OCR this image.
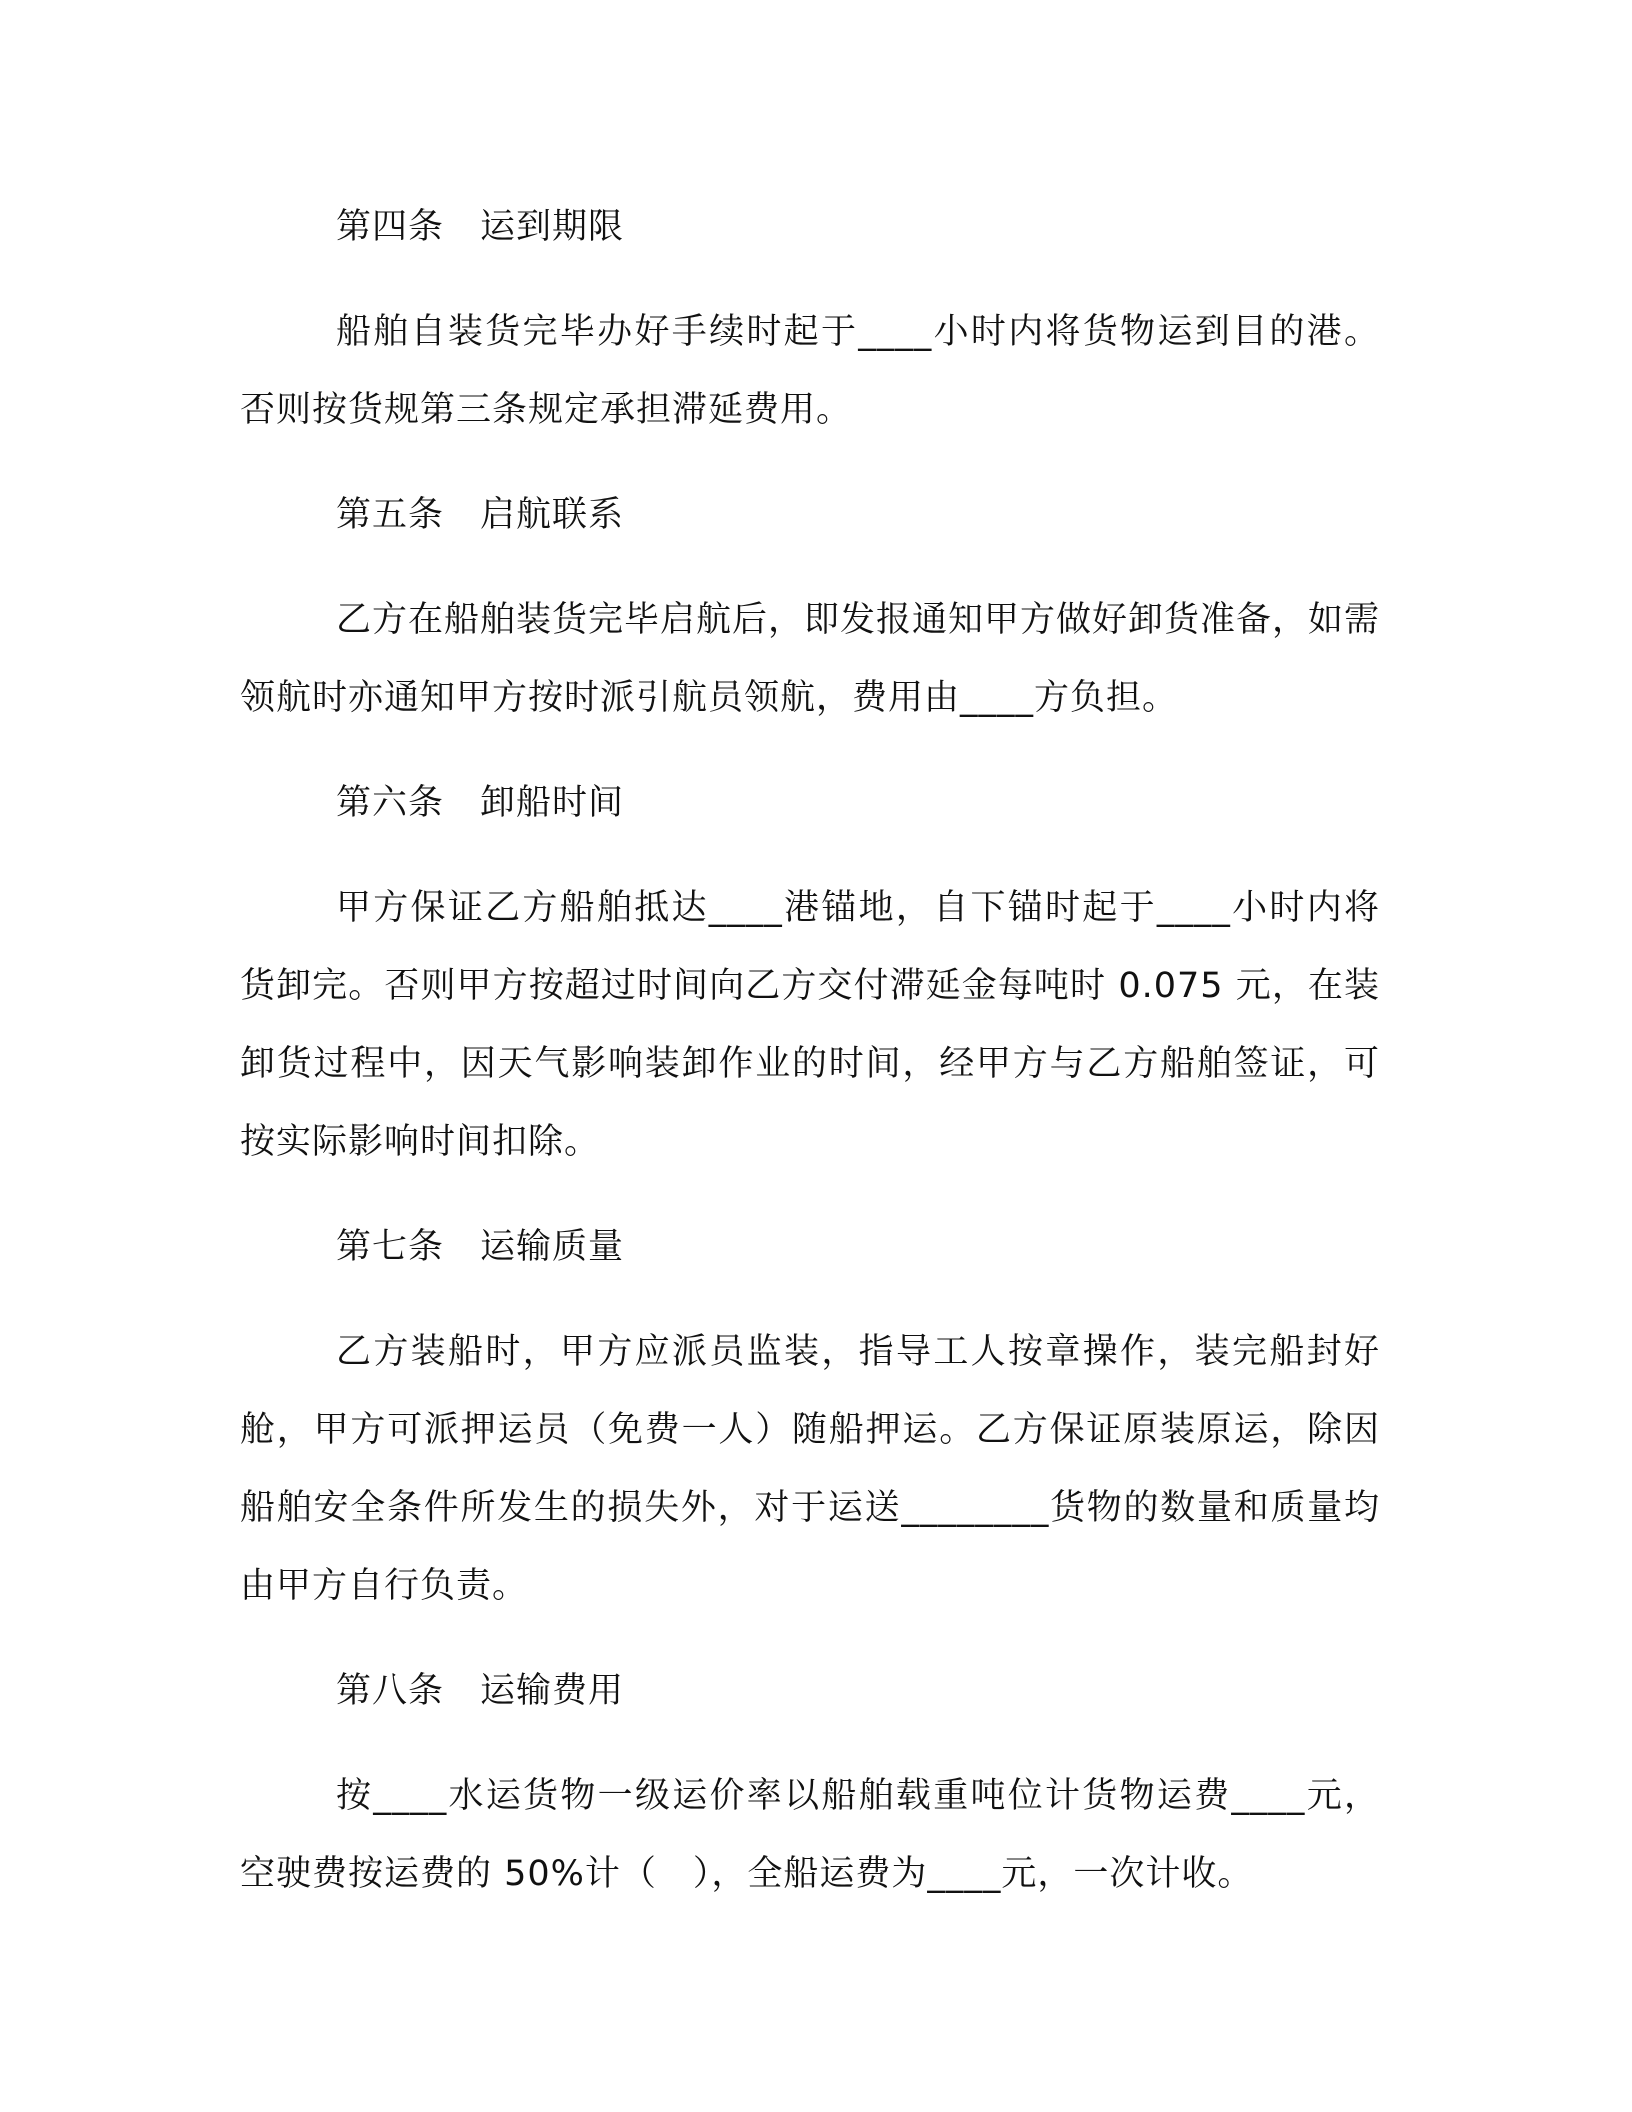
第四条　运到期限

船舶自装货完毕办好手续时起于____小时内将货物运到目的港。否则按货规第三条规定承担滞延费用。

第五条　启航联系

乙方在船舶装货完毕启航后，即发报通知甲方做好卸货准备，如需领航时亦通知甲方按时派引航员领航，费用由____方负担。

第六条　卸船时间

甲方保证乙方船舶抵达____港锚地，自下锚时起于____小时内将货卸完。否则甲方按超过时间向乙方交付滞延金每吨时 0.075 元，在装卸货过程中，因天气影响装卸作业的时间，经甲方与乙方船舶签证，可按实际影响时间扣除。

第七条　运输质量

乙方装船时，甲方应派员监装，指导工人按章操作，装完船封好舱，甲方可派押运员（免费一人）随船押运。乙方保证原装原运，除因船舶安全条件所发生的损失外，对于运送________货物的数量和质量均由甲方自行负责。

第八条　运输费用

按____水运货物一级运价率以船舶载重吨位计货物运费____元，空驶费按运费的 50%计（　），全船运费为____元，一次计收。
